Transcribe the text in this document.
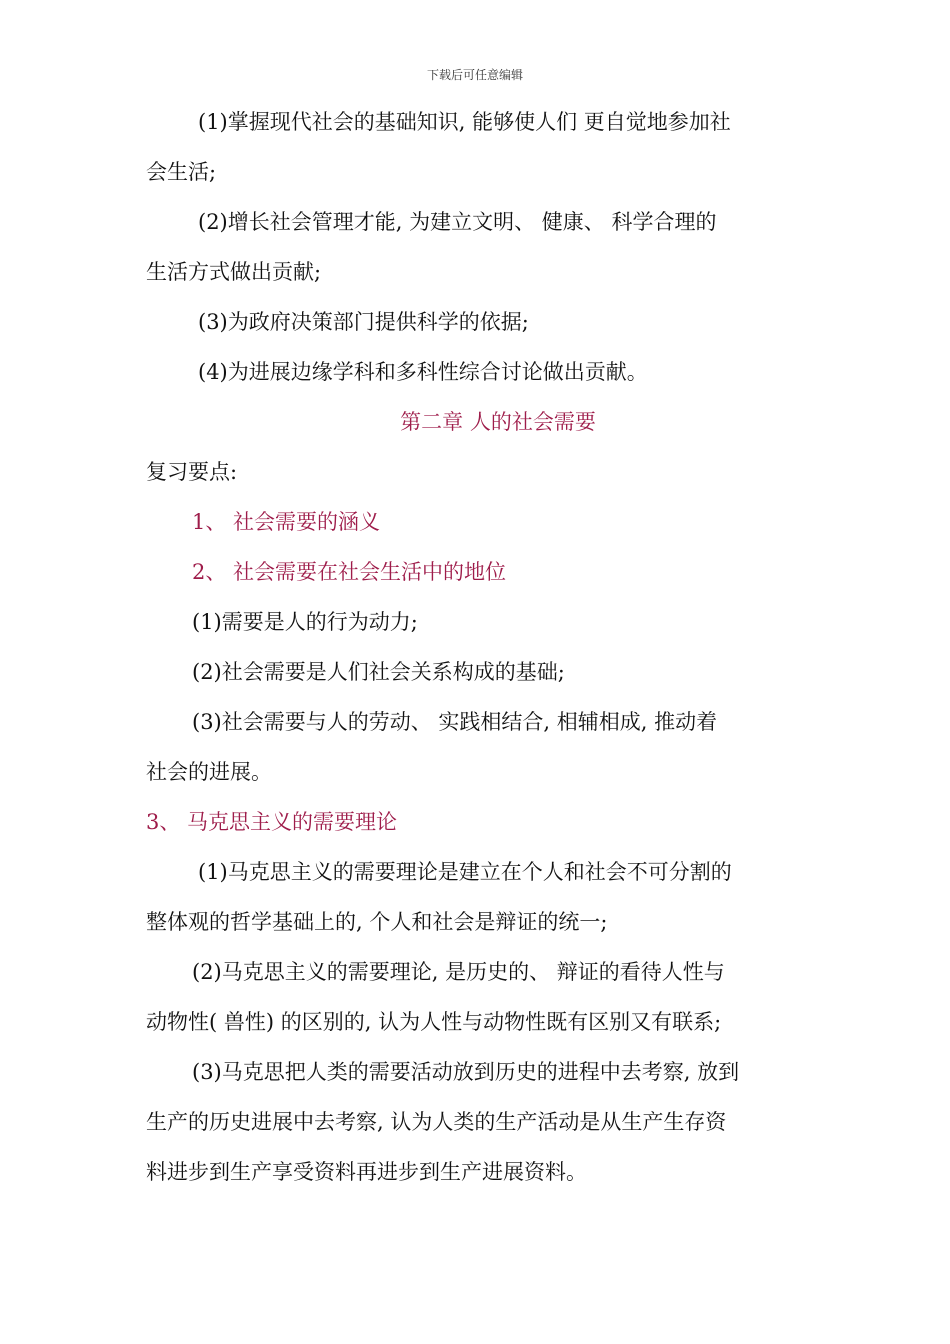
下载后可任意编辑
(1)掌握现代社会的基础知识, 能够使人们 更自觉地参加社
会生活;
(2)增长社会管理才能, 为建立文明、 健康、 科学合理的
生活方式做出贡献;
(3)为政府决策部门提供科学的依据;
(4)为进展边缘学科和多科性综合讨论做出贡献。
第二章 人的社会需要
复习要点:
1、 社会需要的涵义
2、 社会需要在社会生活中的地位
(1)需要是人的行为动力;
(2)社会需要是人们社会关系构成的基础;
(3)社会需要与人的劳动、 实践相结合, 相辅相成, 推动着
社会的进展。
3、 马克思主义的需要理论
(1)马克思主义的需要理论是建立在个人和社会不可分割的
整体观的哲学基础上的, 个人和社会是辩证的统一;
(2)马克思主义的需要理论, 是历史的、 辩证的看待人性与
动物性( 兽性) 的区别的, 认为人性与动物性既有区别又有联系;
(3)马克思把人类的需要活动放到历史的进程中去考察, 放到
生产的历史进展中去考察, 认为人类的生产活动是从生产生存资
料进步到生产享受资料再进步到生产进展资料。
